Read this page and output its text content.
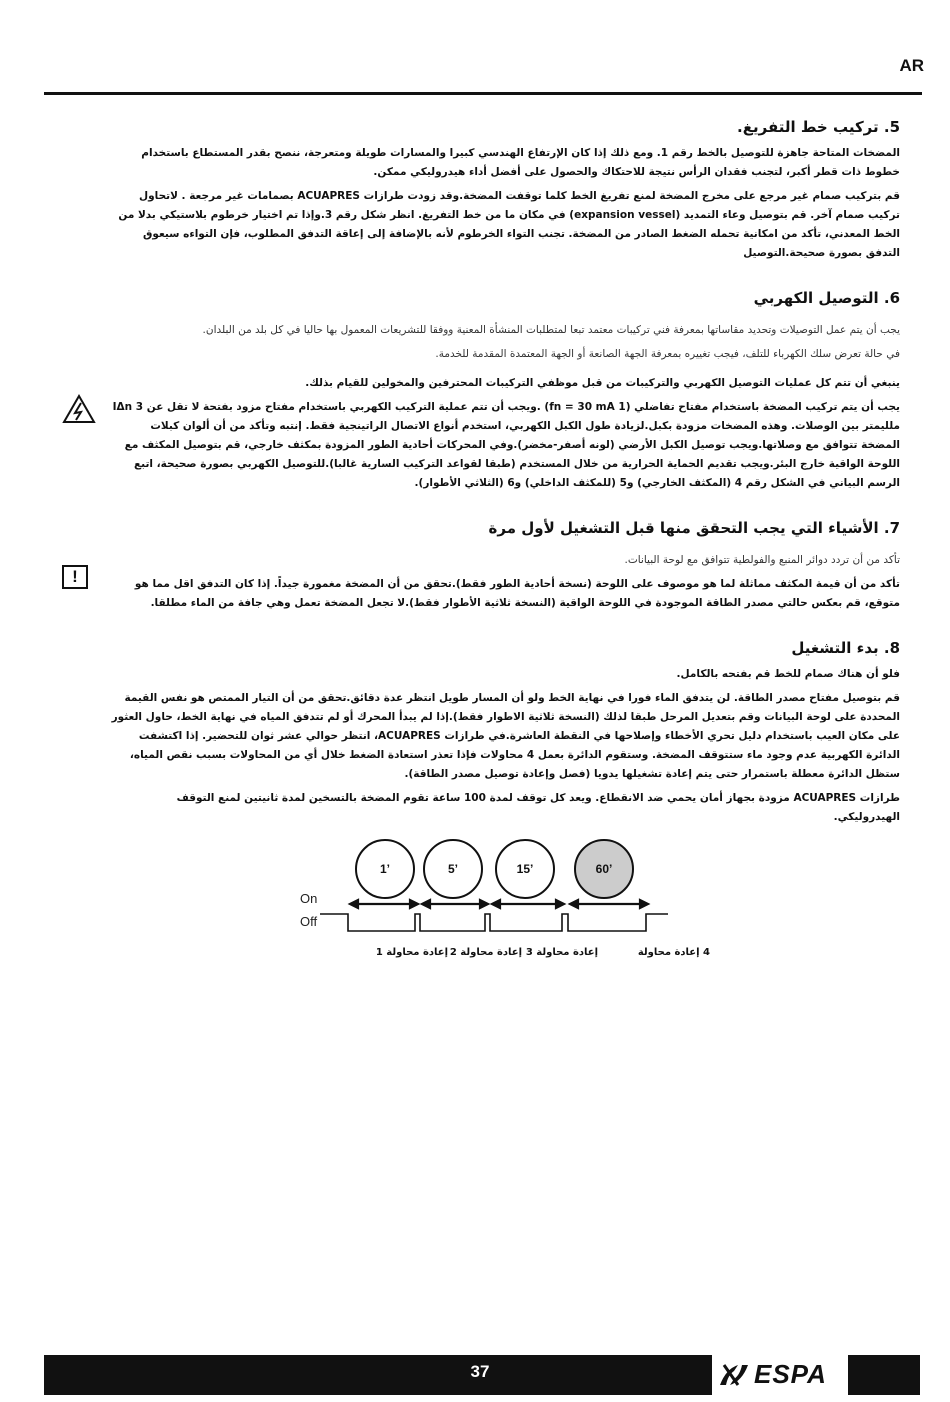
AR
5. تركيب خط التفريغ.

المضخات المتاحة جاهزة للتوصيل بالخط رقم 1. ومع ذلك إذا كان الإرتفاع الهندسي كبيرا والمسارات طويلة ومتعرجة، ننصح بقدر المستطاع باستخدام خطوط ذات قطر أكبر، لتجنب فقدان الرأس نتيجة للاحتكاك والحصول على أفضل أداء هيدروليكي ممكن.

قم بتركيب صمام غير مرجع على مخرج المضخة لمنع تفريغ الخط كلما توقفت المضخة.وقد زودت طرازات ACUAPRES بصمامات غير مرجعة . لاتحاول تركيب صمام آخر. قم بتوصيل وعاء التمديد (expansion vessel) في مكان ما من خط التفريغ. انظر شكل رقم 3.وإذا تم اختيار خرطوم بلاستيكي بدلا من الخط المعدني، تأكد من امكانية تحمله الضغط الصادر من المضخة. تجنب التواء الخرطوم لأنه بالإضافة إلى إعاقة التدفق المطلوب، فإن التواءه سيعوق التدفق بصورة صحيحة.التوصيل

6. التوصيل الكهربي

يجب أن يتم عمل التوصيلات وتحديد مقاساتها بمعرفة فني تركيبات معتمد تبعا لمتطلبات المنشأة المعنية ووفقا للتشريعات المعمول بها حاليا في كل بلد من البلدان.

في حالة تعرض سلك الكهرباء للتلف، فيجب تغييره بمعرفة الجهة الصانعة أو الجهة المعتمدة المقدمة للخدمة.

ينبغي أن تتم كل عمليات التوصيل الكهربي والتركيبات من قبل موظفي التركيبات المحترفين والمخولين للقيام بذلك.

يجب أن يتم تركيب المضخة باستخدام مفتاح تفاضلي (fn = 30 mA 1) .ويجب أن تتم عملية التركيب الكهربي باستخدام مفتاح مزود بفتحة لا تقل عن IΔn 3 ملليمتر بين الوصلات. وهذه المضخات مزودة بكبل.لزيادة طول الكبل الكهربي، استخدم أنواع الاتصال الراتينجية فقط. إنتبه وتأكد من أن ألوان كبلات المضخة تتوافق مع وصلاتها.ويجب توصيل الكبل الأرضي (لونه أصفر-مخضر).وفي المحركات أحادية الطور المزودة بمكثف خارجي، قم بتوصيل المكثف مع اللوحة الواقية خارج البئر.ويجب تقديم الحماية الحرارية من خلال المستخدم (طبقا لقواعد التركيب السارية غالبا).للتوصيل الكهربي بصورة صحيحة، اتبع الرسم البياني في الشكل رقم 4 (المكثف الخارجي) و5 (للمكثف الداخلي) و6 (الثلاثي الأطوار).

7. الأشياء التي يجب التحقق منها قبل التشغيل لأول مرة
!

تأكد من أن تردد دوائر المنبع والفولطية تتوافق مع لوحة البيانات.

تأكد من أن قيمة المكثف مماثلة لما هو موصوف على اللوحة (نسخة أحادية الطور فقط).تحقق من أن المضخة مغمورة جيداً. إذا كان التدفق اقل مما هو متوقع، قم بعكس حالتي مصدر الطاقة الموجودة في اللوحة الواقية (النسخة ثلاثية الأطوار فقط).لا تجعل المضخة تعمل وهي جافة من الماء مطلقا.

8. بدء التشغيل

فلو أن هناك صمام للخط قم بفتحه بالكامل.

قم بتوصيل مفتاح مصدر الطاقة. لن يتدفق الماء فورا في نهاية الخط ولو أن المسار طويل انتظر عدة دقائق.تحقق من أن التيار الممتص هو نفس القيمة المحددة على لوحة البيانات وقم بتعديل المرحل طبقا لذلك (النسخة ثلاثية الاطوار فقط).إذا لم يبدأ المحرك أو لم تتدفق المياه في نهاية الخط، حاول العثور على مكان العيب باستخدام دليل تحري الأخطاء وإصلاحها في النقطة العاشرة.في طرازات ACUAPRES، انتظر حوالي عشر ثوان للتحضير. إذا اكتشفت الدائرة الكهربية عدم وجود ماء ستتوقف المضخة. وستقوم الدائرة بعمل 4 محاولات فإذا تعذر استعادة الضغط خلال أي من المحاولات بسبب نقص المياه، ستظل الدائرة معطلة باستمرار حتى يتم إعادة تشغيلها يدويا (فصل وإعادة توصيل مصدر الطاقة).

طرازات ACUAPRES مزودة بجهاز أمان يحمي ضد الانقطاع. ويعد كل توقف لمدة 100 ساعة تقوم المضخة بالتسخين لمدة ثانيتين لمنع التوقف الهيدروليكي.

1’	5’	15’	60’
On
Off
إعادة محاولة 1 إعادة محاولة 2 إعادة محاولة 3	4 إعادة محاولة
37	ESPA
